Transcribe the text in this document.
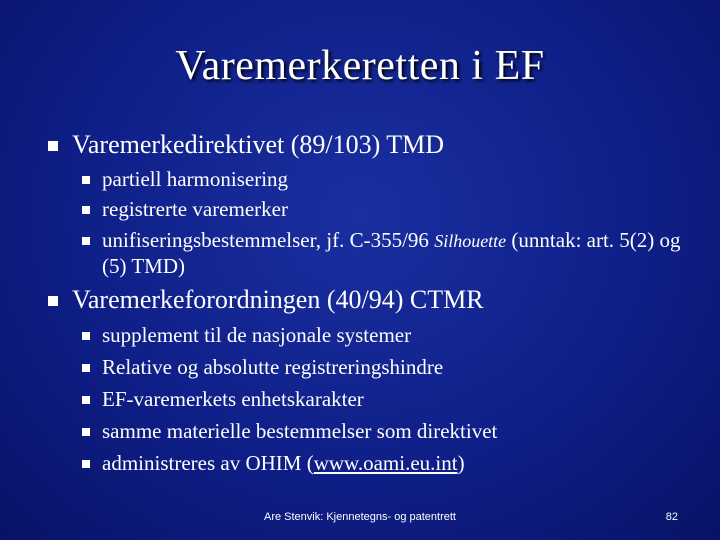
Varemerkeretten i EF
Varemerkedirektivet (89/103) TMD
partiell harmonisering
registrerte varemerker
unifiseringsbestemmelser, jf. C-355/96 Silhouette (unntak: art. 5(2) og (5) TMD)
Varemerkeforordningen (40/94) CTMR
supplement til de nasjonale systemer
Relative og absolutte registreringshindre
EF-varemerkets enhetskarakter
samme materielle bestemmelser som direktivet
administreres av OHIM (www.oami.eu.int)
Are Stenvik: Kjennetegns- og patentrett	82
